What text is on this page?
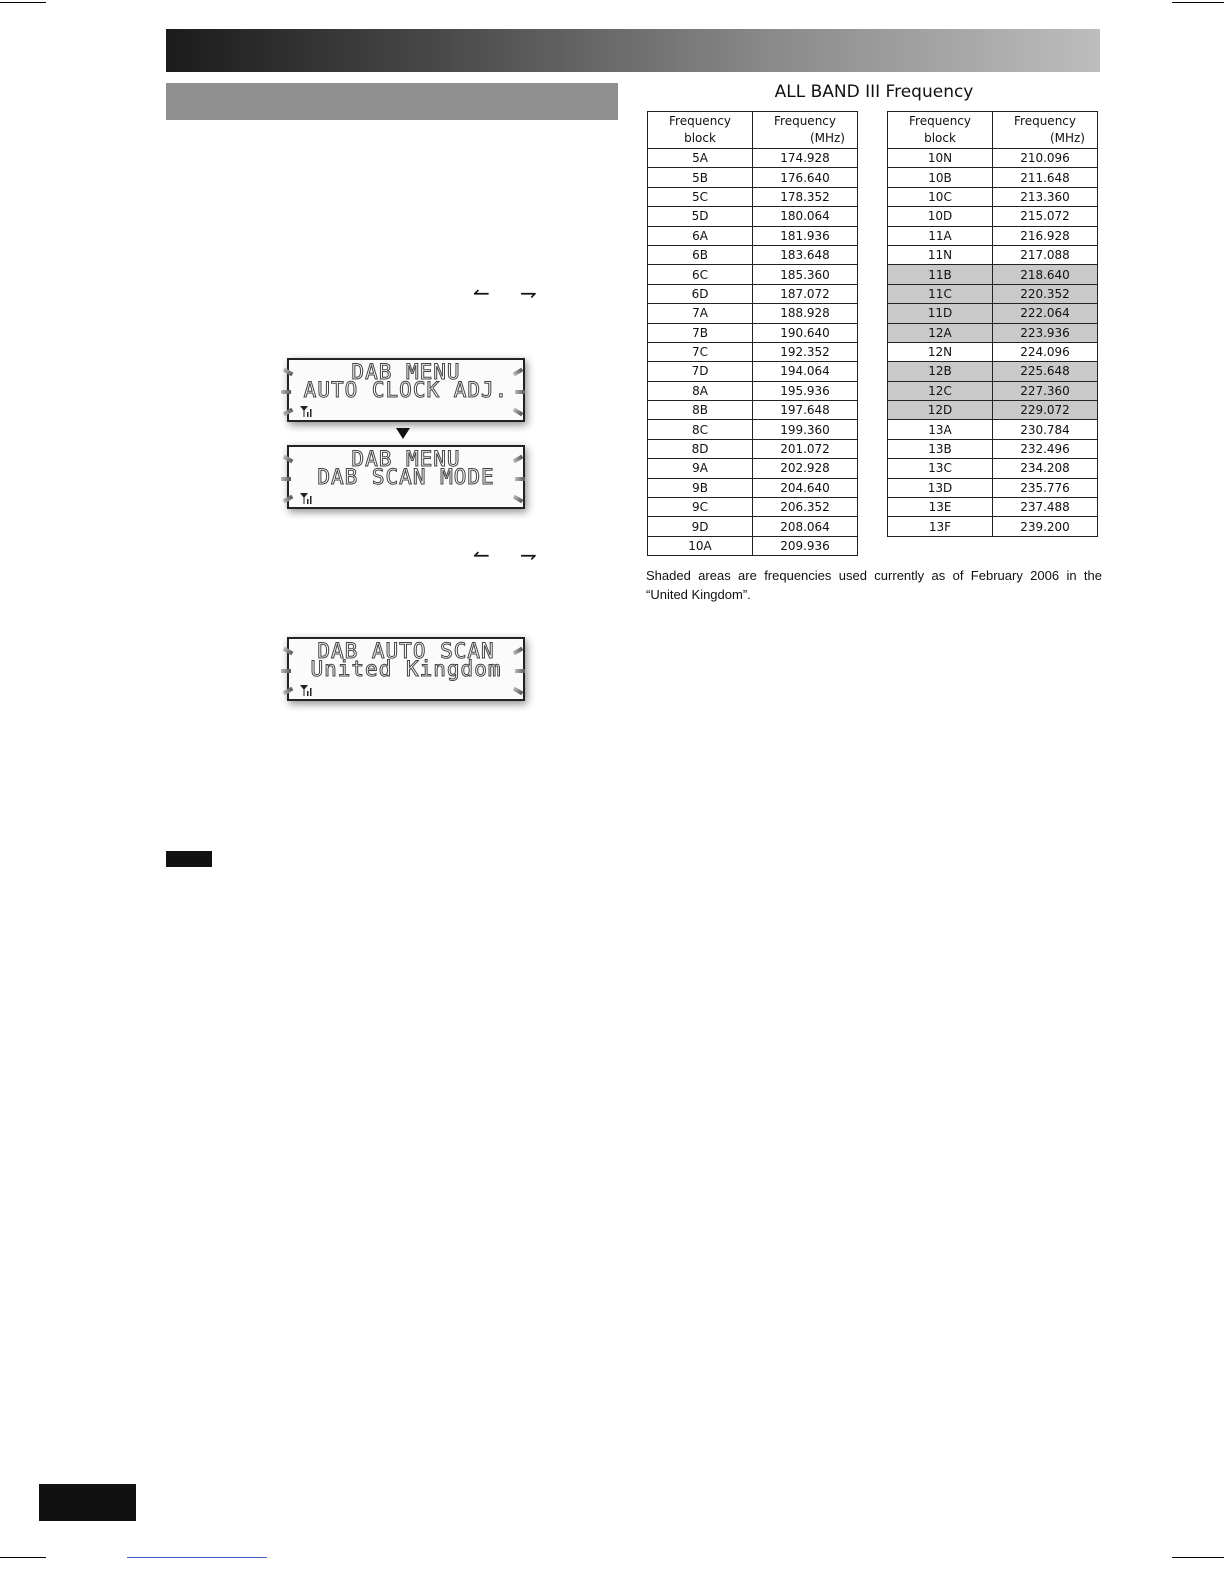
↼ ⇁
↼ ⇁
DAB MENU
AUTO CLOCK ADJ.
DAB MENU
DAB SCAN MODE
DAB AUTO SCAN
United Kingdom
ALL BAND III Frequency
Frequency
block	Frequency
(MHz)

5A	174.928
5B	176.640
5C	178.352
5D	180.064
6A	181.936
6B	183.648
6C	185.360
6D	187.072
7A	188.928
7B	190.640
7C	192.352
7D	194.064
8A	195.936
8B	197.648
8C	199.360
8D	201.072
9A	202.928
9B	204.640
9C	206.352
9D	208.064
10A	209.936
Frequency
block	Frequency
(MHz)

10N	210.096
10B	211.648
10C	213.360
10D	215.072
11A	216.928
11N	217.088
11B	218.640
11C	220.352
11D	222.064
12A	223.936
12N	224.096
12B	225.648
12C	227.360
12D	229.072
13A	230.784
13B	232.496
13C	234.208
13D	235.776
13E	237.488
13F	239.200
Shaded areas are frequencies used currently as of February 2006 in the “United Kingdom”.
